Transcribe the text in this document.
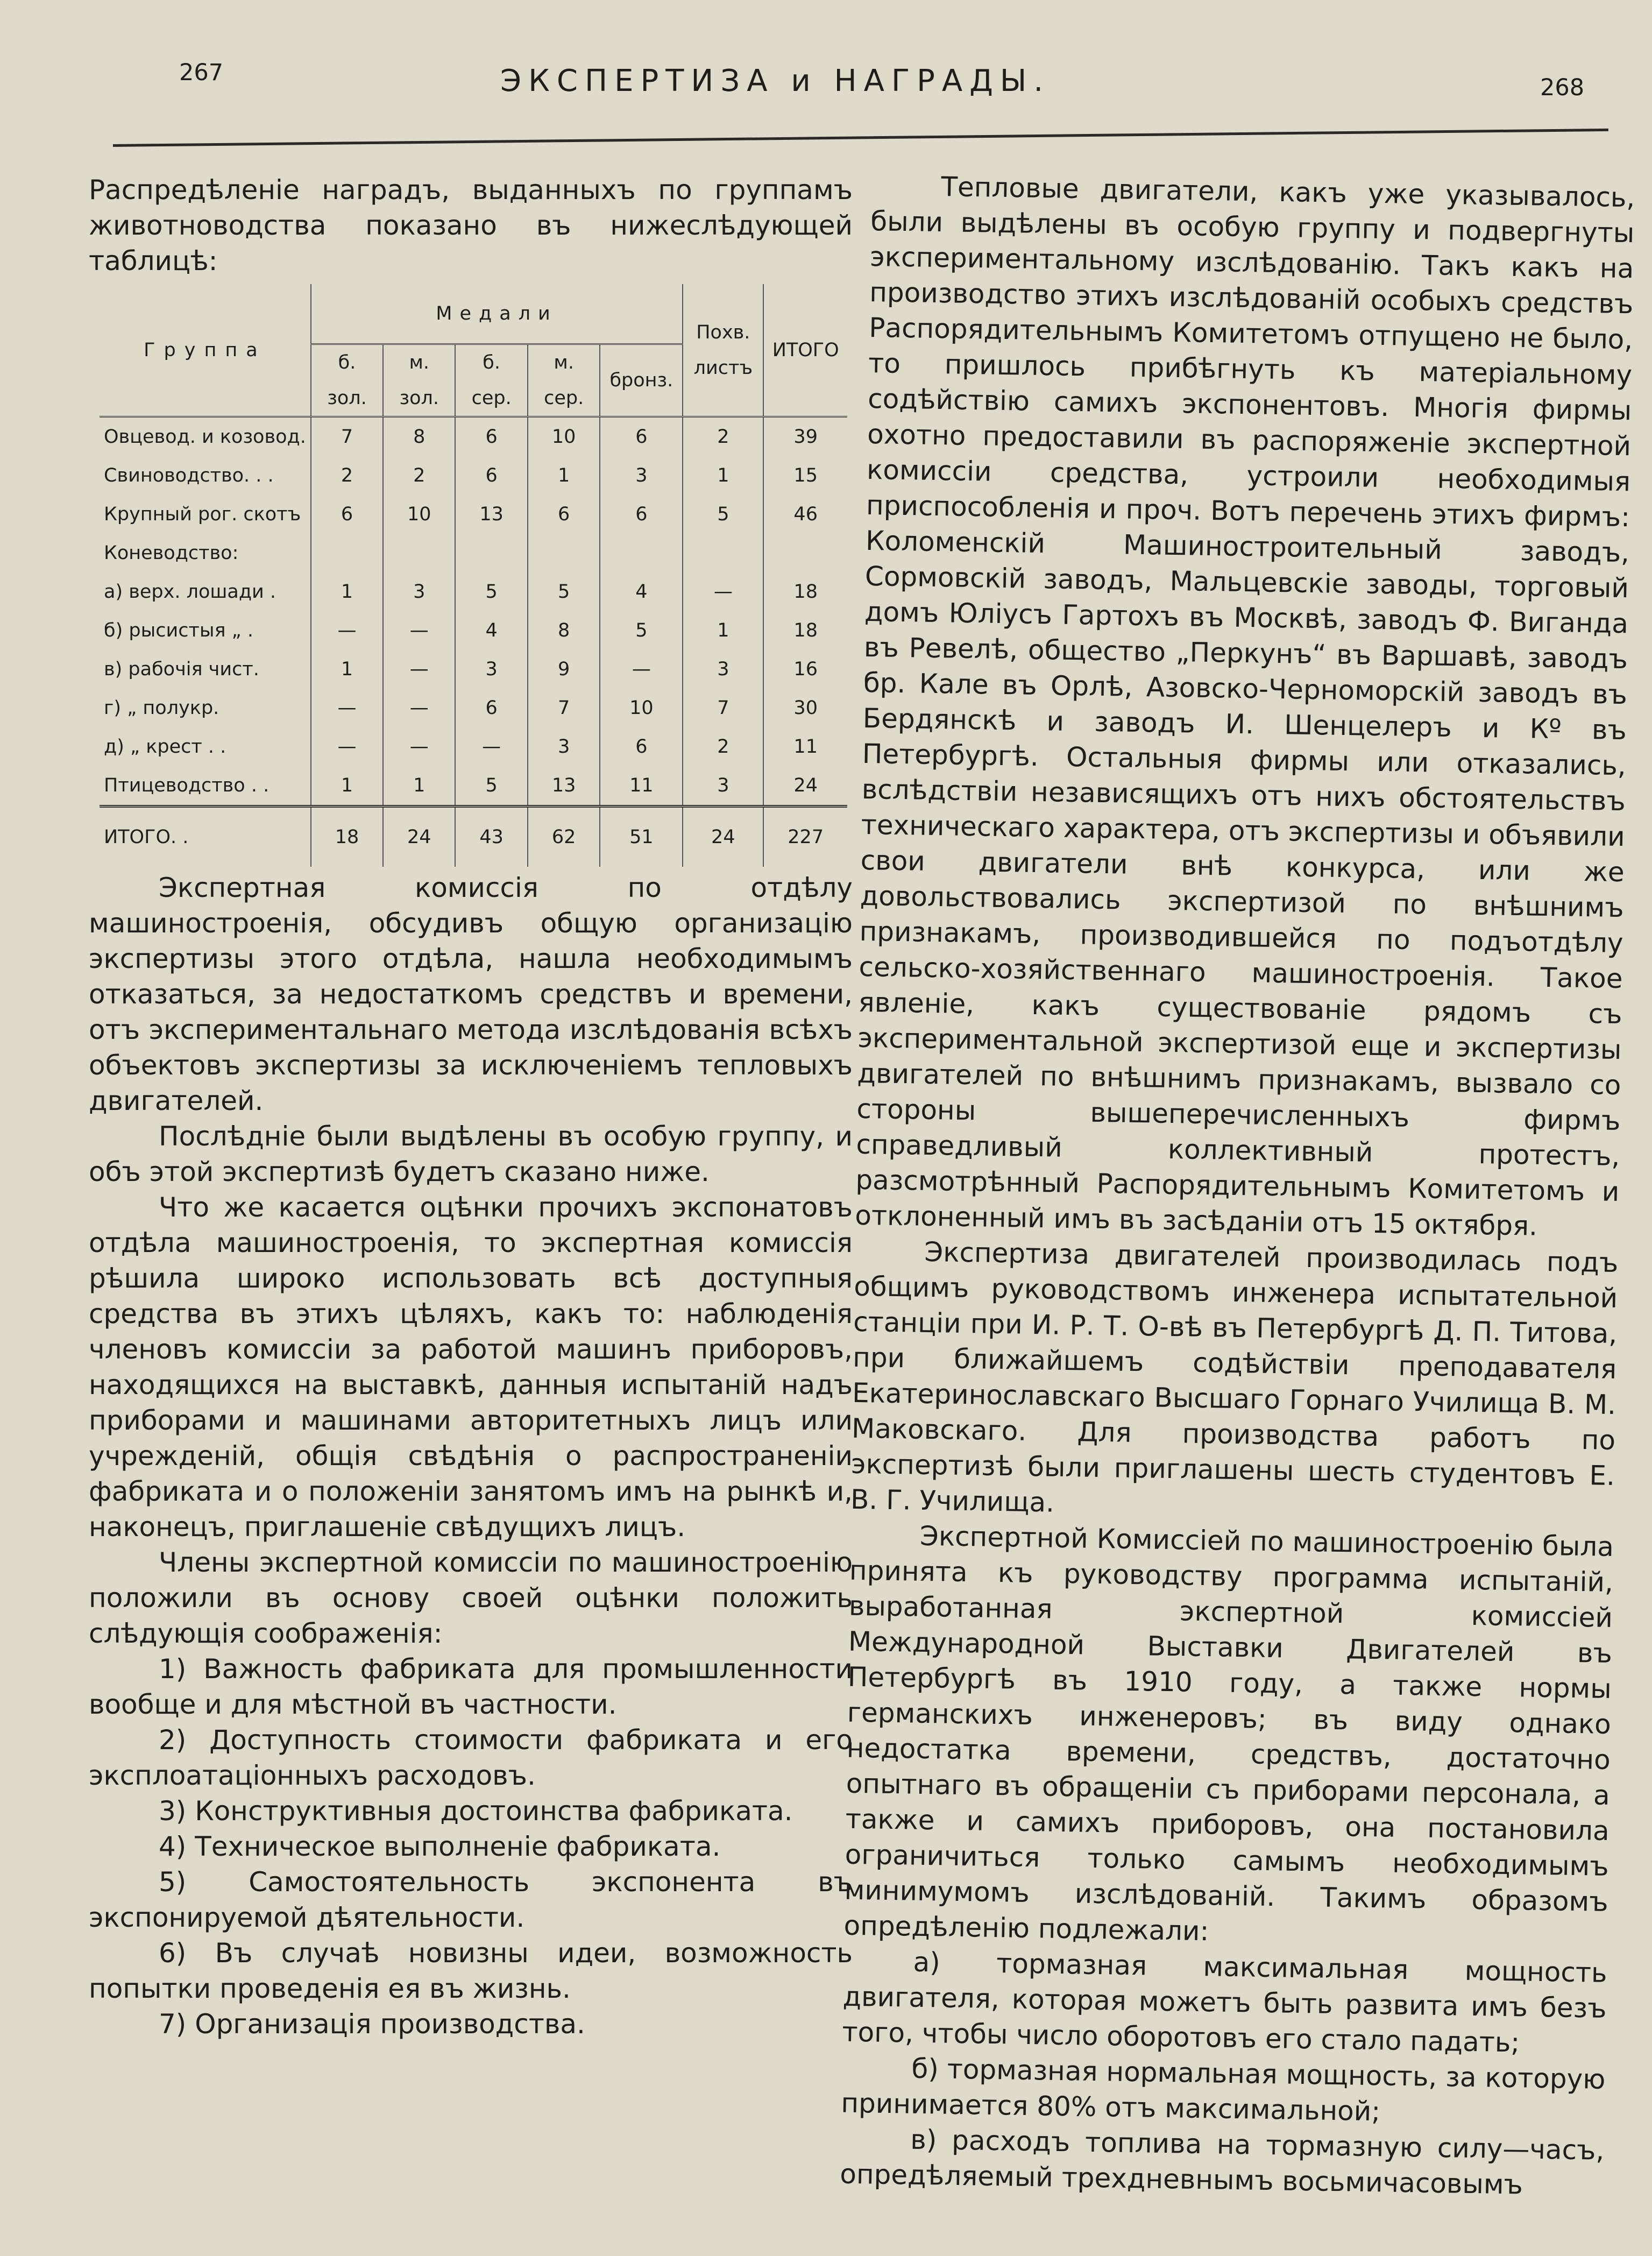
267	ЭКСПЕРТИЗА и НАГРАДЫ.	268

Распредѣленіе наградъ, выданныхъ по группамъ животноводства показано въ нижеслѣдующей таблицѣ:

Группа	Медали					Похв. листъ	ИТОГО
	б. зол.	м. зол.	б. сер.	м. сер.	бронз.		
Овцевод. и козовод.	7	8	6	10	6	2	39
Свиноводство. . .	2	2	6	1	3	1	15
Крупный рог. скотъ	6	10	13	6	6	5	46
Коневодство:							
а) верх. лошади .	1	3	5	5	4	—	18
б) рысистыя „ .	—	—	4	8	5	1	18
в) рабочія чист.	1	—	3	9	—	3	16
г) „ полукр.	—	—	6	7	10	7	30
д) „ крест . .	—	—	—	3	6	2	11
Птицеводство . .	1	1	5	13	11	3	24
ИТОГО. .	18	24	43	62	51	24	227

Экспертная комиссія по отдѣлу машиностроенія, обсудивъ общую организацію экспертизы этого отдѣла, нашла необходимымъ отказаться, за недостаткомъ средствъ и времени, отъ экспериментальнаго метода изслѣдованія всѣхъ объектовъ экспертизы за исключеніемъ тепловыхъ двигателей.

Послѣдніе были выдѣлены въ особую группу, и объ этой экспертизѣ будетъ сказано ниже.

Что же касается оцѣнки прочихъ экспонатовъ отдѣла машиностроенія, то экспертная комиссія рѣшила широко использовать всѣ доступныя средства въ этихъ цѣляхъ, какъ то: наблюденія членовъ комиссіи за работой машинъ приборовъ, находящихся на выставкѣ, данныя испытаній надъ приборами и машинами авторитетныхъ лицъ или учрежденій, общія свѣдѣнія о распространеніи фабриката и о положеніи занятомъ имъ на рынкѣ и, наконецъ, приглашеніе свѣдущихъ лицъ.

Члены экспертной комиссіи по машиностроенію положили въ основу своей оцѣнки положить слѣдующія соображенія:

1) Важность фабриката для промышленности вообще и для мѣстной въ частности.

2) Доступность стоимости фабриката и его эксплоатаціонныхъ расходовъ.

3) Конструктивныя достоинства фабриката.

4) Техническое выполненіе фабриката.

5) Самостоятельность экспонента въ экспонируемой дѣятельности.

6) Въ случаѣ новизны идеи, возможность попытки проведенія ея въ жизнь.

7) Организація производства.

Тепловые двигатели, какъ уже указывалось, были выдѣлены въ особую группу и подвергнуты экспериментальному изслѣдованію. Такъ какъ на производство этихъ изслѣдованій особыхъ средствъ Распорядительнымъ Комитетомъ отпущено не было, то пришлось прибѣгнуть къ матеріальному содѣйствію самихъ экспонентовъ. Многія фирмы охотно предоставили въ распоряженіе экспертной комиссіи средства, устроили необходимыя приспособленія и проч. Вотъ перечень этихъ фирмъ: Коломенскій Машиностроительный заводъ, Сормовскій заводъ, Мальцевскіе заводы, торговый домъ Юліусъ Гартохъ въ Москвѣ, заводъ Ф. Вигандa въ Ревелѣ, общество „Перкунъ“ въ Варшавѣ, заводъ бр. Кале въ Орлѣ, Азовско-Черноморскій заводъ въ Бердянскѣ и заводъ И. Шенцелеръ и Кº въ Петербургѣ. Остальныя фирмы или отказались, вслѣдствіи независящихъ отъ нихъ обстоятельствъ техническаго характера, отъ экспертизы и объявили свои двигатели внѣ конкурса, или же довольствовались экспертизой по внѣшнимъ признакамъ, производившейся по подъотдѣлу сельско-хозяйственнаго машиностроенія. Такое явленіе, какъ существованіе рядомъ съ экспериментальной экспертизой еще и экспертизы двигателей по внѣшнимъ признакамъ, вызвало со стороны вышеперечисленныхъ фирмъ справедливый коллективный протестъ, разсмотрѣнный Распорядительнымъ Комитетомъ и отклоненный имъ въ засѣданіи отъ 15 октября.

Экспертиза двигателей производилась подъ общимъ руководствомъ инженера испытательной станціи при И. Р. Т. О-вѣ въ Петербургѣ Д. П. Титова, при ближайшемъ содѣйствіи преподавателя Екатеринославскаго Высшаго Горнаго Училища В. М. Маковскаго. Для производства работъ по экспертизѣ были приглашены шесть студентовъ Е. В. Г. Училища.

Экспертной Комиссіей по машиностроенію была принята къ руководству программа испытаній, выработанная экспертной комиссіей Международной Выставки Двигателей въ Петербургѣ въ 1910 году, а также нормы германскихъ инженеровъ; въ виду однако недостатка времени, средствъ, достаточно опытнаго въ обращеніи съ приборами персонала, а также и самихъ приборовъ, она постановила ограничиться только самымъ необходимымъ минимумомъ изслѣдованій. Такимъ образомъ опредѣленію подлежали:

а) тормазная максимальная мощность двигателя, которая можетъ быть развита имъ безъ того, чтобы число оборотовъ его стало падать;

б) тормазная нормальная мощность, за которую принимается 80% отъ максимальной;

в) расходъ топлива на тормазную силу—часъ, опредѣляемый трехдневнымъ восьмичасовымъ
